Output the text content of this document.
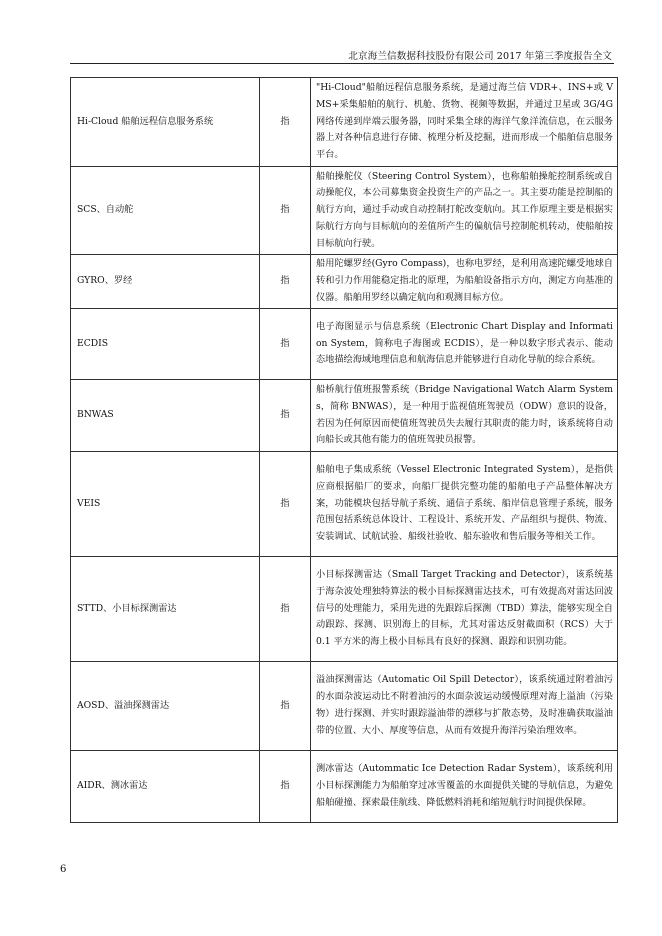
北京海兰信数据科技股份有限公司 2017 年第三季度报告全文
Hi-Cloud 船舶远程信息服务系统	指	"Hi-Cloud"船舶远程信息服务系统，是通过海兰信 VDR+、INS+或 VMS+采集船舶的航行、机舱、货物、视频等数据，并通过卫星或 3G/4G 网络传递到岸端云服务器，同时采集全球的海洋气象洋流信息，在云服务器上对各种信息进行存储、梳理分析及挖掘，进而形成一个船舶信息服务平台。
SCS、自动舵	指	船舶操舵仪（Steering Control System），也称船舶操舵控制系统或自动操舵仪，本公司募集资金投资生产的产品之一。其主要功能是控制船的航行方向，通过手动或自动控制打舵改变航向。其工作原理主要是根据实际航行方向与目标航向的差值所产生的偏航信号控制舵机转动，使船舶按目标航向行驶。
GYRO、罗经	指	船用陀螺罗经(Gyro Compass)，也称电罗经，是利用高速陀螺受地球自转和引力作用能稳定指北的原理，为船舶设备指示方向，测定方向基准的仪器。船舶用罗经以确定航向和观测目标方位。
ECDIS	指	电子海图显示与信息系统（Electronic Chart Display and Information System，简称电子海图或 ECDIS），是一种以数字形式表示、能动态地描绘海域地理信息和航海信息并能够进行自动化导航的综合系统。
BNWAS	指	船桥航行值班报警系统（Bridge Navigational Watch Alarm Systems，简称 BNWAS），是一种用于监视值班驾驶员（ODW）意识的设备，若因为任何原因而使值班驾驶员失去履行其职责的能力时，该系统将自动向船长或其他有能力的值班驾驶员报警。
VEIS	指	船舶电子集成系统（Vessel Electronic Integrated System），是指供应商根据船厂的要求，向船厂提供完整功能的船舶电子产品整体解决方案，功能模块包括导航子系统、通信子系统、船岸信息管理子系统，服务范围包括系统总体设计、工程设计、系统开发、产品组织与提供、物流、安装调试、试航试验、船级社验收、船东验收和售后服务等相关工作。
STTD、小目标探测雷达	指	小目标探测雷达（Small Target Tracking and Detector），该系统基于海杂波处理独特算法的极小目标探测雷达技术，可有效提高对雷达回波信号的处理能力，采用先进的先跟踪后探测（TBD）算法，能够实现全自动跟踪、探测、识别海上的目标，尤其对雷达反射截面积（RCS）大于 0.1 平方米的海上极小目标具有良好的探测、跟踪和识别功能。
AOSD、溢油探测雷达	指	溢油探测雷达（Automatic Oil Spill Detector），该系统通过附着油污的水面杂波运动比不附着油污的水面杂波运动缓慢原理对海上溢油（污染物）进行探测、并实时跟踪溢油带的漂移与扩散态势，及时准确获取溢油带的位置、大小、厚度等信息，从而有效提升海洋污染治理效率。
AIDR、测冰雷达	指	测冰雷达（Autommatic Ice Detection Radar System），该系统利用小目标探测能力为船舶穿过冰雪覆盖的水面提供关键的导航信息，为避免船舶碰撞、探索最佳航线、降低燃料消耗和缩短航行时间提供保障。
6
